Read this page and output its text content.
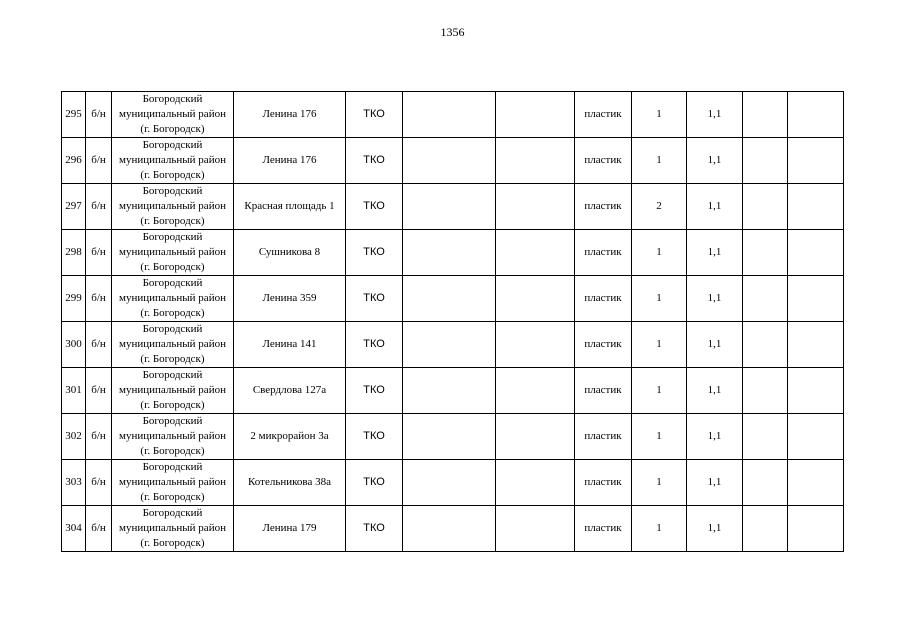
1356
295	б/н	Богородский
муниципальный район
(г. Богородск)	Ленина 176	ТКО			пластик	1	1,1		
296	б/н	Богородский
муниципальный район
(г. Богородск)	Ленина 176	ТКО			пластик	1	1,1		
297	б/н	Богородский
муниципальный район
(г. Богородск)	Красная площадь 1	ТКО			пластик	2	1,1		
298	б/н	Богородский
муниципальный район
(г. Богородск)	Сушникова 8	ТКО			пластик	1	1,1		
299	б/н	Богородский
муниципальный район
(г. Богородск)	Ленина 359	ТКО			пластик	1	1,1		
300	б/н	Богородский
муниципальный район
(г. Богородск)	Ленина 141	ТКО			пластик	1	1,1		
301	б/н	Богородский
муниципальный район
(г. Богородск)	Свердлова 127а	ТКО			пластик	1	1,1		
302	б/н	Богородский
муниципальный район
(г. Богородск)	2 микрорайон 3а	ТКО			пластик	1	1,1		
303	б/н	Богородский
муниципальный район
(г. Богородск)	Котельникова 38а	ТКО			пластик	1	1,1		
304	б/н	Богородский
муниципальный район
(г. Богородск)	Ленина 179	ТКО			пластик	1	1,1		
